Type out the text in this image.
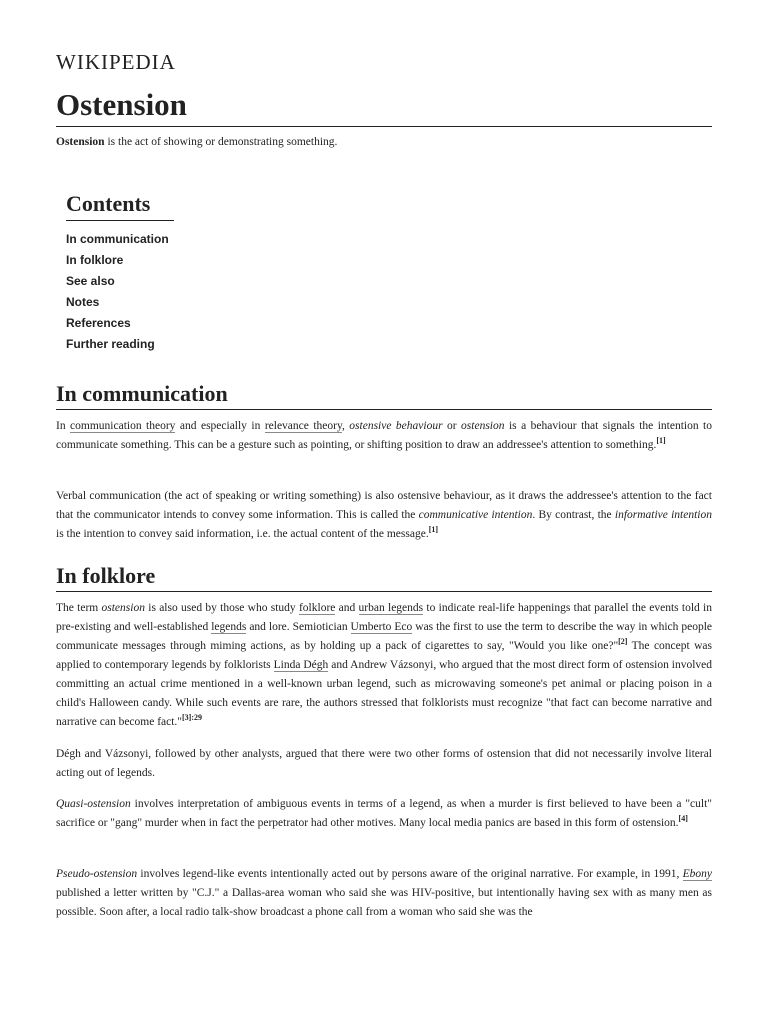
WIKIPEDIA
Ostension

Ostension is the act of showing or demonstrating something.

Contents
In communication
In folklore
See also
Notes
References
Further reading
In communication

In communication theory and especially in relevance theory, ostensive behaviour or ostension is a behaviour that signals the intention to communicate something. This can be a gesture such as pointing, or shifting position to draw an addressee's attention to something.[1]

Verbal communication (the act of speaking or writing something) is also ostensive behaviour, as it draws the addressee's attention to the fact that the communicator intends to convey some information. This is called the communicative intention. By contrast, the informative intention is the intention to convey said information, i.e. the actual content of the message.[1]

In folklore

The term ostension is also used by those who study folklore and urban legends to indicate real-life happenings that parallel the events told in pre-existing and well-established legends and lore. Semiotician Umberto Eco was the first to use the term to describe the way in which people communicate messages through miming actions, as by holding up a pack of cigarettes to say, "Would you like one?"[2] The concept was applied to contemporary legends by folklorists Linda Dégh and Andrew Vázsonyi, who argued that the most direct form of ostension involved committing an actual crime mentioned in a well-known urban legend, such as microwaving someone's pet animal or placing poison in a child's Halloween candy. While such events are rare, the authors stressed that folklorists must recognize "that fact can become narrative and narrative can become fact."$^{[3]:29}$

Dégh and Vázsonyi, followed by other analysts, argued that there were two other forms of ostension that did not necessarily involve literal acting out of legends.

Quasi-ostension involves interpretation of ambiguous events in terms of a legend, as when a murder is first believed to have been a "cult" sacrifice or "gang" murder when in fact the perpetrator had other motives. Many local media panics are based in this form of ostension.[4]

Pseudo-ostension involves legend-like events intentionally acted out by persons aware of the original narrative. For example, in 1991, Ebony published a letter written by "C.J." a Dallas-area woman who said she was HIV-positive, but intentionally having sex with as many men as possible. Soon after, a local radio talk-show broadcast a phone call from a woman who said she was the
